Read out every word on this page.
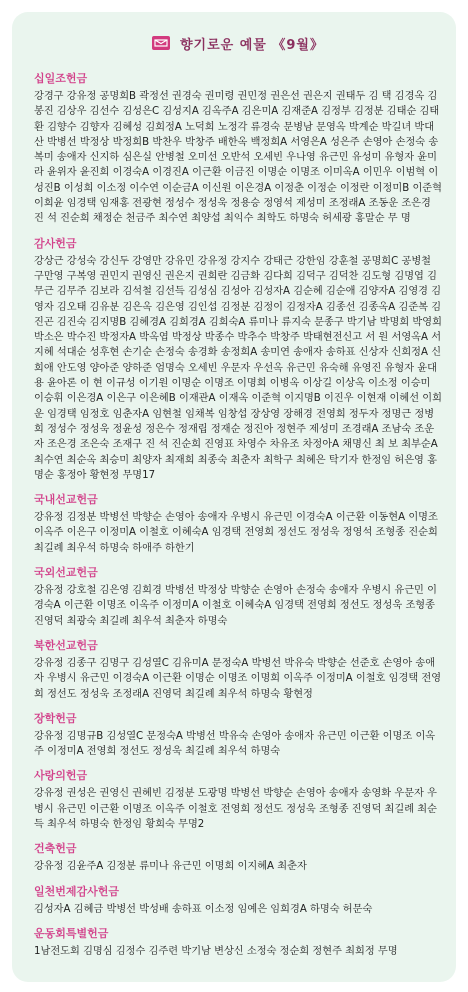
향기로운 예물 《9월》
십일조헌금

강경구 강유정 공명희B 곽정선 권경숙 권미령 권민정 권은선 권은지 권태두 김 택 김경옥 김봉진 김상우 김선수 김성은C 김성지A 김옥주A 김은미A 김재준A 김정부 김정분 김태순 김태환 김향수 김향자 김혜성 김희정A 노덕희 노정각 류경숙 문병남 문영옥 박계순 박길녀 박대산 박병선 박정상 박정희B 박찬우 박창주 배한옥 백정희A 서영은A 성은주 손영아 손정숙 송복미 송애자 신지하 심은실 안병철 오미선 오반석 오세빈 우나영 유근민 유성미 유형자 윤미라 윤위자 윤진희 이경숙A 이경진A 이근환 이금진 이명순 이명조 이미옥A 이민우 이범혁 이성진B 이성희 이소정 이수연 이순금A 이신원 이은경A 이정춘 이정순 이정란 이정미B 이준혁 이희윤 임경택 임재홍 전광현 정성수 정성욱 정용승 정영석 제성미 조정래A 조동운 조은경 진 석 진순희 채정순 천금주 최수연 최양섭 최익수 최학도 하명숙 허세광 홍말순 무 명

감사헌금

강상근 강성숙 강신두 강영만 강유민 강유정 강지수 강태근 강한임 강훈철 공명희C 공병철 구만영 구복영 권민지 권영신 권은지 권희란 김금화 김다희 김덕구 김덕찬 김도형 김명엽 김무근 김무주 김보라 김석철 김선득 김성심 김성아 김성자A 김순혜 김순애 김양자A 김영경 김영자 김오태 김유분 김은옥 김은영 김인섭 김정분 김정이 김정자A 김종선 김종옥A 김준복 김진곤 김진숙 김지명B 김혜경A 김희경A 김희숙A 류미나 류지숙 문종구 박기남 박명희 박영희 박소은 박수진 박정자A 박옥엽 박정상 박종수 박추수 박창주 박태현전신고 서 원 서영옥A 서지혜 석대순 성후현 손기순 손정숙 송경화 송정희A 송미연 송애자 송하표 신상자 신희정A 신희애 안도영 양아준 양하준 엄명숙 오세빈 우문자 우선옥 유근민 유숙해 유영진 유형자 윤대용 윤아론 이 현 이규성 이기원 이명순 이명조 이명희 이병옥 이상길 이상옥 이소정 이승미 이승휘 이은경A 이은구 이은혜B 이재관A 이재옥 이준혁 이지명B 이진우 이현재 이혜선 이희운 임경택 임정호 임춘자A 임현철 임채복 임창섭 장상영 장해경 전영희 정두자 정명근 정병희 정성수 정성욱 정윤성 정은수 정재립 정재순 정진아 정현주 제성미 조경래A 조남숙 조운자 조은경 조은숙 조재구 진 석 진순희 진영표 차영수 차유조 차정아A 채명신 최 보 최부순A 최수연 최순옥 최승미 최양자 최재희 최종숙 최춘자 최학구 최혜은 탁기자 한정임 허은영 홍명순 홍정아 황현정 무명17

국내선교헌금

강유정 김정분 박병선 박향순 손영아 송애자 우병시 유근민 이경숙A 이근환 이동현A 이명조 이옥주 이은구 이정미A 이철호 이혜숙A 임경택 전영희 정선도 정성욱 정영석 조형종 진순희 최길례 최우석 하명숙 하애주 하한기

국외선교헌금

강유정 강호철 김은영 김희경 박병선 박정상 박향순 손영아 손정숙 송애자 우병시 유근민 이경숙A 이근환 이명조 이옥주 이정미A 이철호 이혜숙A 임경택 전영희 정선도 정성욱 조형종 진영덕 최광숙 최길례 최우석 최춘자 하명숙

북한선교헌금

강유정 김종구 김명구 김성열C 김유미A 문정숙A 박병선 박유숙 박향순 선준호 손영아 송애자 우병시 유근민 이경숙A 이근환 이명순 이명조 이명희 이옥주 이정미A 이철호 임경택 전영희 정선도 정성욱 조정래A 진영덕 최길례 최우석 하명숙 황현정

장학헌금

강유정 김명규B 김성열C 문정숙A 박병선 박유숙 손영아 송애자 유근민 이근환 이명조 이옥주 이정미A 전영희 정선도 정성욱 최길례 최우석 하명숙

사랑의헌금

강유정 권성은 권영신 권혜빈 김정분 도광명 박병선 박향순 손영아 송애자 송영화 우문자 우병시 유근민 이근환 이명조 이옥주 이철호 전영희 정선도 정성욱 조형종 진영덕 최길례 최순득 최우석 하명숙 한정임 황희숙 무명2

건축헌금

강유정 김윤주A 김정분 류미나 유근민 이명희 이지혜A 최춘자

일천번제감사헌금

김성자A 김혜금 박병선 박성배 송하표 이소정 임예은 임희경A 하명숙 허문숙

운동회특별헌금

1남전도회 김명심 김정수 김주련 박기남 변상신 소정숙 정순희 정현주 최희정 무명
